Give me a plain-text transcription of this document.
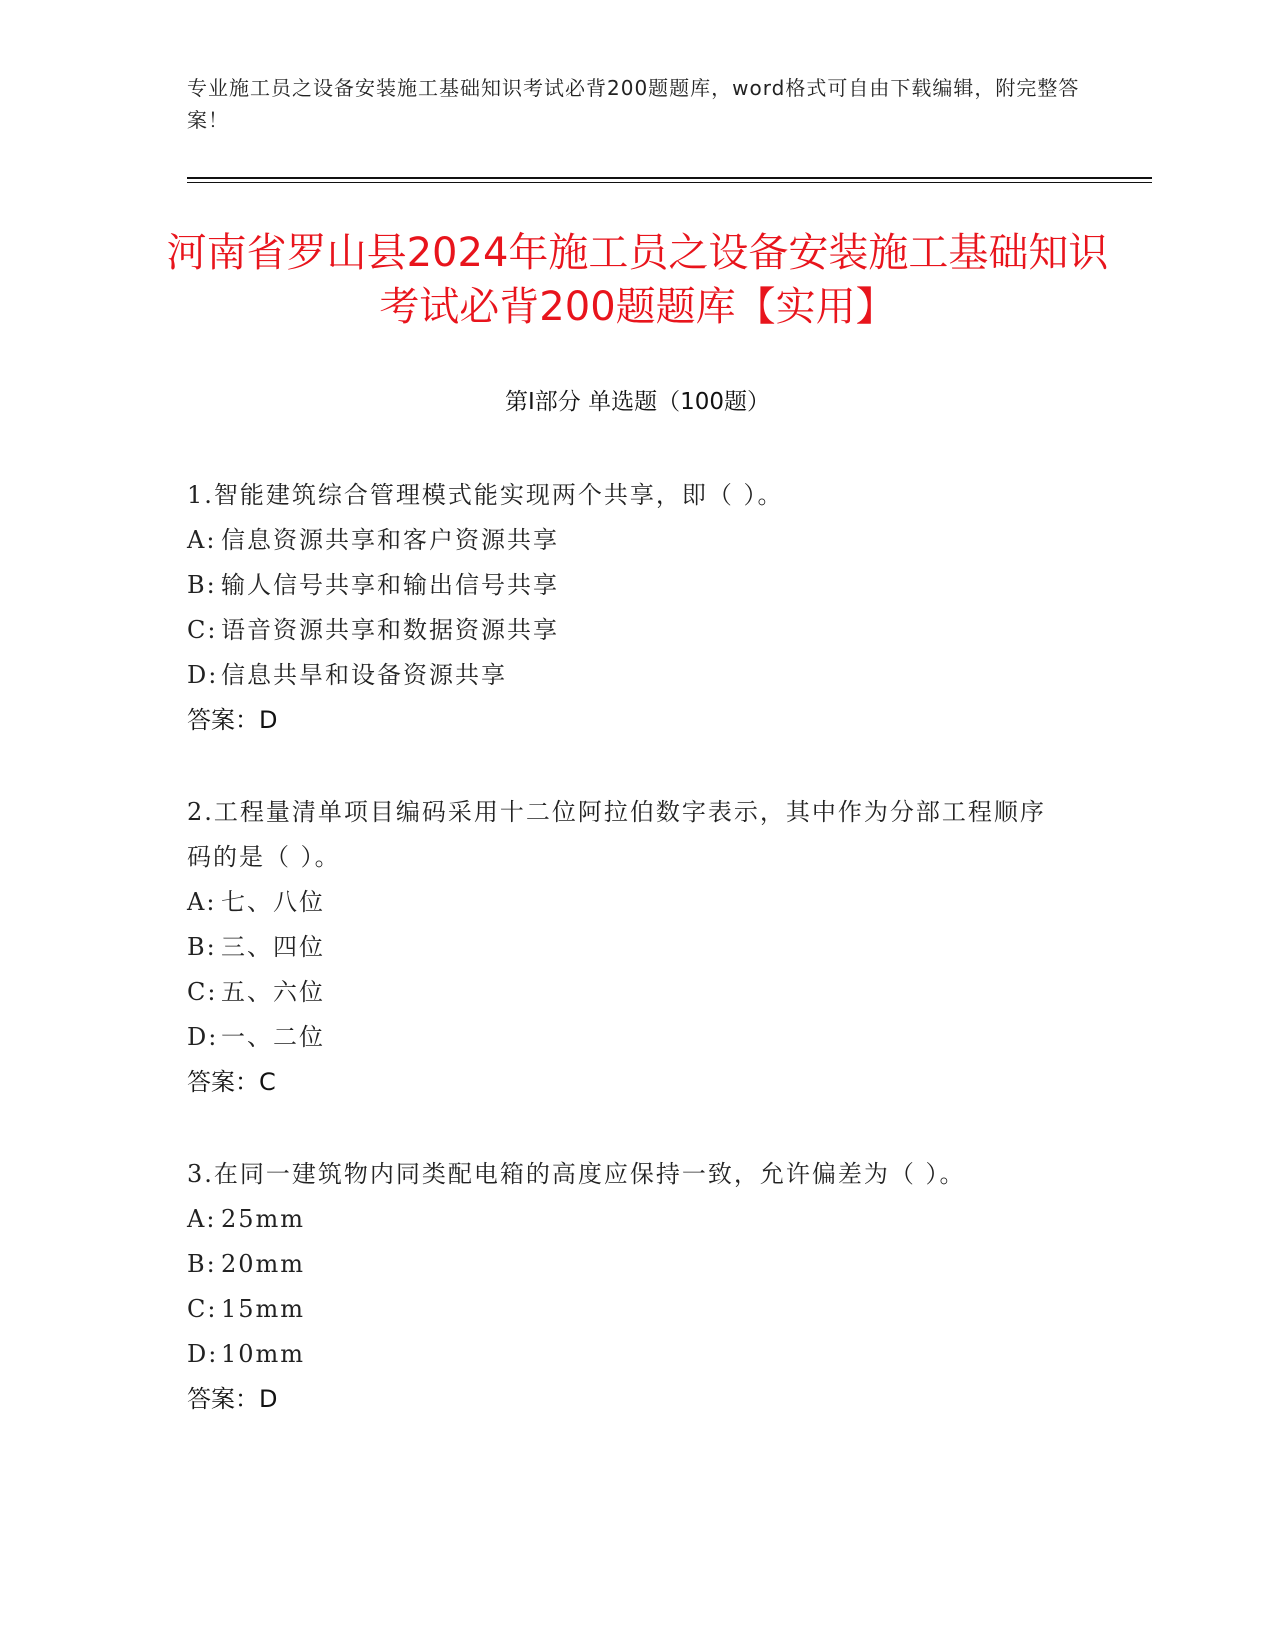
专业施工员之设备安装施工基础知识考试必背200题题库，word格式可自由下载编辑，附完整答案！
河南省罗山县2024年施工员之设备安装施工基础知识考试必背200题题库【实用】
第I部分 单选题（100题）

1.智能建筑综合管理模式能实现两个共享，即（ ）。

A: 信息资源共享和客户资源共享

B: 输人信号共享和输出信号共享

C: 语音资源共享和数据资源共享

D: 信息共旱和设备资源共享

答案：D

2.工程量清单项目编码采用十二位阿拉伯数字表示，其中作为分部工程顺序码的是（ ）。

A: 七、八位

B: 三、四位

C: 五、六位

D: 一、二位

答案：C

3.在同一建筑物内同类配电箱的高度应保持一致，允许偏差为（ ）。

A: 25mm

B: 20mm

C: 15mm

D: 10mm

答案：D
